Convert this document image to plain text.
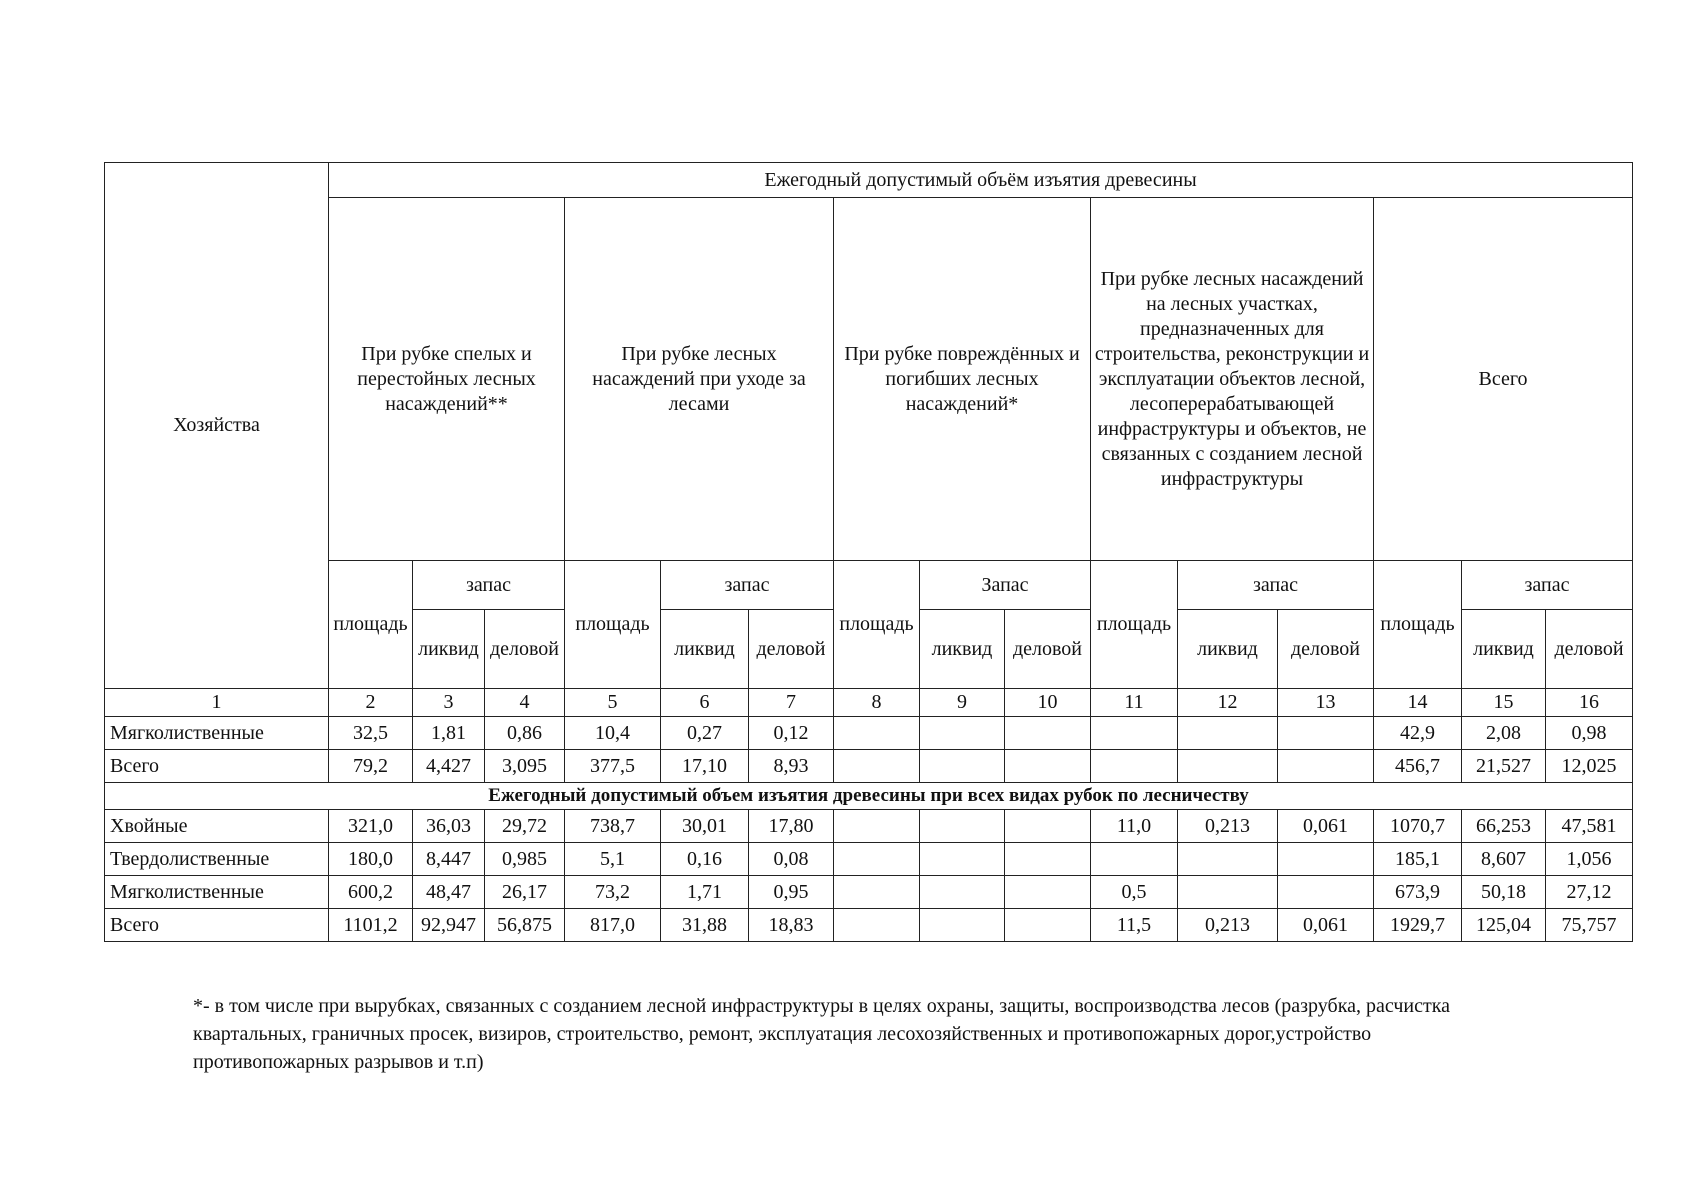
Хозяйства	Ежегодный допустимый объём изъятия древесины														
	При рубке спелых и перестойных лесных насаждений**			При рубке лесных насаждений при уходе за лесами			При рубке повреждённых и погибших лесных насаждений*			При рубке лесных насаждений на лесных участках, предназначенных для строительства, реконструкции и эксплуатации объектов лесной, лесоперерабатывающей инфраструктуры и объектов, не связанных с созданием лесной инфраструктуры			Всего		
	площадь	запас		площадь	запас		площадь	Запас		площадь	запас		площадь	запас	
		ликвид	деловой		ликвид	деловой		ликвид	деловой		ликвид	деловой		ликвид	деловой
1	2	3	4	5	6	7	8	9	10	11	12	13	14	15	16
Мягколиственные	32,5	1,81	0,86	10,4	0,27	0,12							42,9	2,08	0,98
Всего	79,2	4,427	3,095	377,5	17,10	8,93							456,7	21,527	12,025
Ежегодный допустимый объем изъятия древесины при всех видах рубок по лесничеству															
Хвойные	321,0	36,03	29,72	738,7	30,01	17,80				11,0	0,213	0,061	1070,7	66,253	47,581
Твердолиственные	180,0	8,447	0,985	5,1	0,16	0,08							185,1	8,607	1,056
Мягколиственные	600,2	48,47	26,17	73,2	1,71	0,95				0,5			673,9	50,18	27,12
Всего	1101,2	92,947	56,875	817,0	31,88	18,83				11,5	0,213	0,061	1929,7	125,04	75,757
*- в том числе при вырубках, связанных с созданием лесной инфраструктуры в целях охраны, защиты, воспроизводства лесов (разрубка, расчистка квартальных, граничных просек, визиров, строительство, ремонт, эксплуатация лесохозяйственных и противопожарных дорог,устройство противопожарных разрывов и т.п)
